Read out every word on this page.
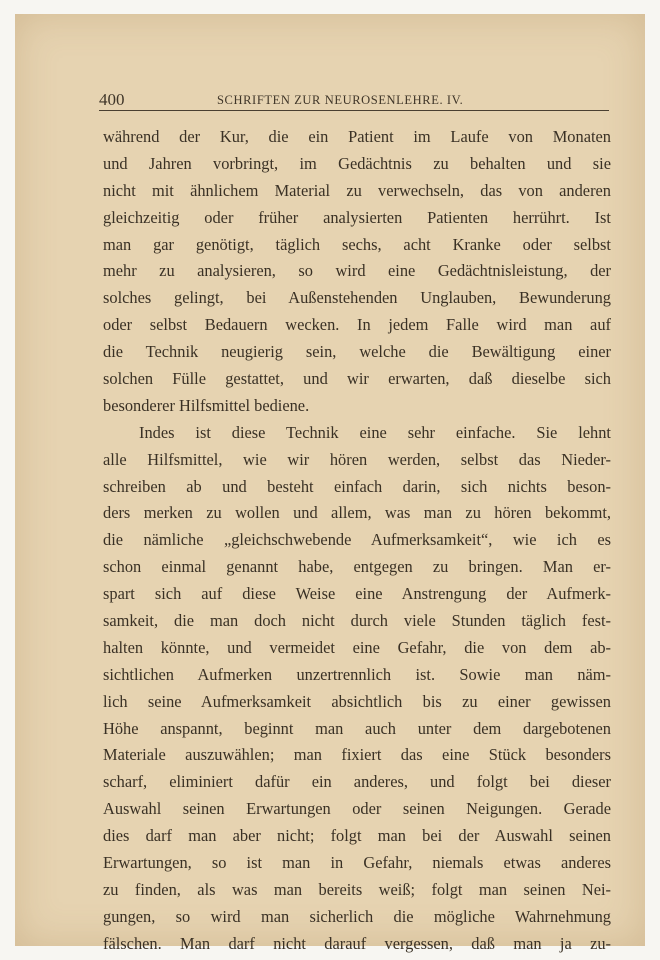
400	SCHRIFTEN ZUR NEUROSENLEHRE. IV.
während der Kur, die ein Patient im Laufe von Monaten
und Jahren vorbringt, im Gedächtnis zu behalten und sie
nicht mit ähnlichem Material zu verwechseln, das von anderen
gleichzeitig oder früher analysierten Patienten herrührt. Ist
man gar genötigt, täglich sechs, acht Kranke oder selbst
mehr zu analysieren, so wird eine Gedächtnisleistung, der
solches gelingt, bei Außenstehenden Unglauben, Bewunderung
oder selbst Bedauern wecken. In jedem Falle wird man auf
die Technik neugierig sein, welche die Bewältigung einer
solchen Fülle gestattet, und wir erwarten, daß dieselbe sich
besonderer Hilfsmittel bediene.
Indes ist diese Technik eine sehr einfache. Sie lehnt
alle Hilfsmittel, wie wir hören werden, selbst das Nieder-
schreiben ab und besteht einfach darin, sich nichts beson-
ders merken zu wollen und allem, was man zu hören bekommt,
die nämliche „gleichschwebende Aufmerksamkeit“, wie ich es
schon einmal genannt habe, entgegen zu bringen. Man er-
spart sich auf diese Weise eine Anstrengung der Aufmerk-
samkeit, die man doch nicht durch viele Stunden täglich fest-
halten könnte, und vermeidet eine Gefahr, die von dem ab-
sichtlichen Aufmerken unzertrennlich ist. Sowie man näm-
lich seine Aufmerksamkeit absichtlich bis zu einer gewissen
Höhe anspannt, beginnt man auch unter dem dargebotenen
Materiale auszuwählen; man fixiert das eine Stück besonders
scharf, eliminiert dafür ein anderes, und folgt bei dieser
Auswahl seinen Erwartungen oder seinen Neigungen. Gerade
dies darf man aber nicht; folgt man bei der Auswahl seinen
Erwartungen, so ist man in Gefahr, niemals etwas anderes
zu finden, als was man bereits weiß; folgt man seinen Nei-
gungen, so wird man sicherlich die mögliche Wahrnehmung
fälschen. Man darf nicht darauf vergessen, daß man ja zu-
